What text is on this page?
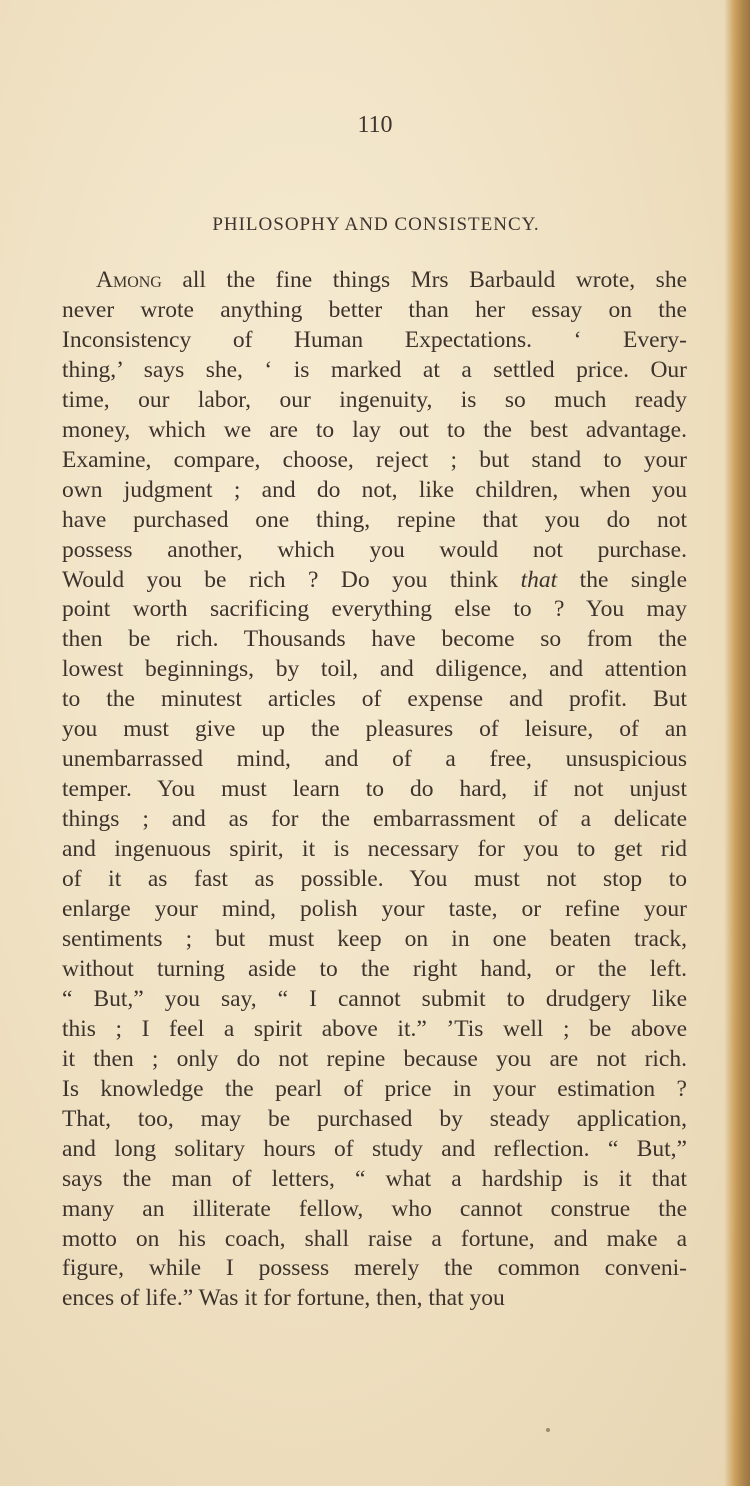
110
PHILOSOPHY AND CONSISTENCY.
Among all the fine things Mrs Barbauld wrote, she
never wrote anything better than her essay on the
Inconsistency of Human Expectations. ‘ Every-
thing,’ says she, ‘ is marked at a settled price. Our
time, our labor, our ingenuity, is so much ready
money, which we are to lay out to the best advantage.
Examine, compare, choose, reject ; but stand to your
own judgment ; and do not, like children, when you
have purchased one thing, repine that you do not
possess another, which you would not purchase.
Would you be rich ? Do you think that the single
point worth sacrificing everything else to ? You may
then be rich. Thousands have become so from the
lowest beginnings, by toil, and diligence, and attention
to the minutest articles of expense and profit. But
you must give up the pleasures of leisure, of an
unembarrassed mind, and of a free, unsuspicious
temper. You must learn to do hard, if not unjust
things ; and as for the embarrassment of a delicate
and ingenuous spirit, it is necessary for you to get rid
of it as fast as possible. You must not stop to
enlarge your mind, polish your taste, or refine your
sentiments ; but must keep on in one beaten track,
without turning aside to the right hand, or the left.
“ But,” you say, “ I cannot submit to drudgery like
this ; I feel a spirit above it.” ’Tis well ; be above
it then ; only do not repine because you are not rich.
Is knowledge the pearl of price in your estimation ?
That, too, may be purchased by steady application,
and long solitary hours of study and reflection. “ But,”
says the man of letters, “ what a hardship is it that
many an illiterate fellow, who cannot construe the
motto on his coach, shall raise a fortune, and make a
figure, while I possess merely the common conveni-
ences of life.” Was it for fortune, then, that you
